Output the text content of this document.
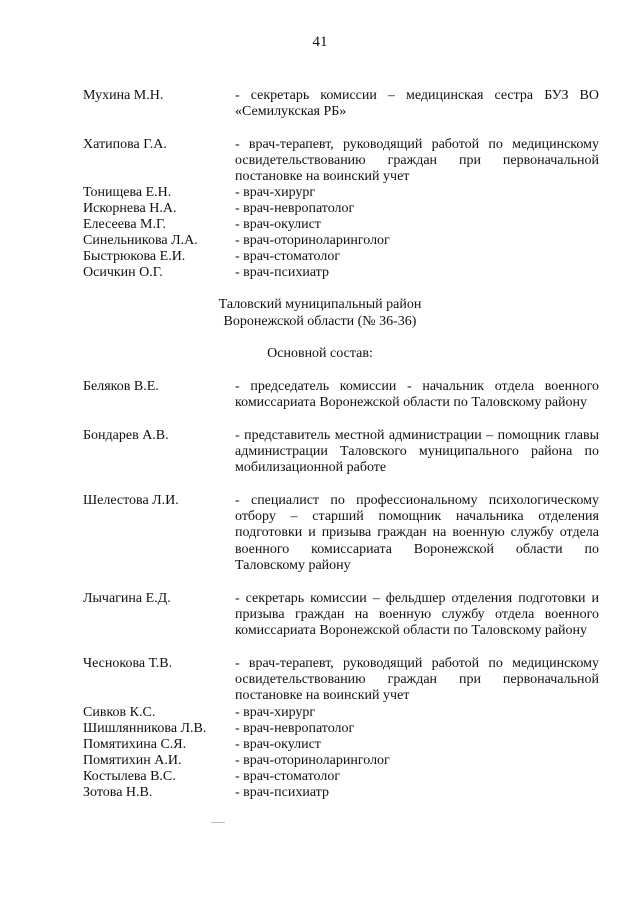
41
Мухина М.Н.	- секретарь комиссии – медицинская сестра БУЗ ВО «Семилукская РБ»
Хатипова Г.А.	- врач-терапевт, руководящий работой по медицинскому освидетельствованию граждан при первоначальной постановке на воинский учет
Тонищева Е.Н.	- врач-хирург
Искорнева Н.А.	- врач-невропатолог
Елесеева М.Г.	- врач-окулист
Синельникова Л.А.	- врач-оториноларинголог
Быстрюкова Е.И.	- врач-стоматолог
Осичкин О.Г.	- врач-психиатр
Таловский муниципальный район
Воронежской области (№ 36-36)
Основной состав:
Беляков В.Е.	- председатель комиссии - начальник отдела военного комиссариата Воронежской области по Таловскому району
Бондарев А.В.	- представитель местной администрации – помощник главы администрации Таловского муниципального района по мобилизационной работе
Шелестова Л.И.	- специалист по профессиональному психологическому отбору – старший помощник начальника отделения подготовки и призыва граждан на военную службу отдела военного комиссариата Воронежской области по Таловскому району
Лычагина Е.Д.	- секретарь комиссии – фельдшер отделения подготовки и призыва граждан на военную службу отдела военного комиссариата Воронежской области по Таловскому району
Чеснокова Т.В.	- врач-терапевт, руководящий работой по медицинскому освидетельствованию граждан при первоначальной постановке на воинский учет
Сивков К.С.	- врач-хирург
Шишлянникова Л.В. - врач-невропатолог
Помятихина С.Я.	- врач-окулист
Помятихин А.И.	- врач-оториноларинголог
Костылева В.С.	- врач-стоматолог
Зотова Н.В.	- врач-психиатр
